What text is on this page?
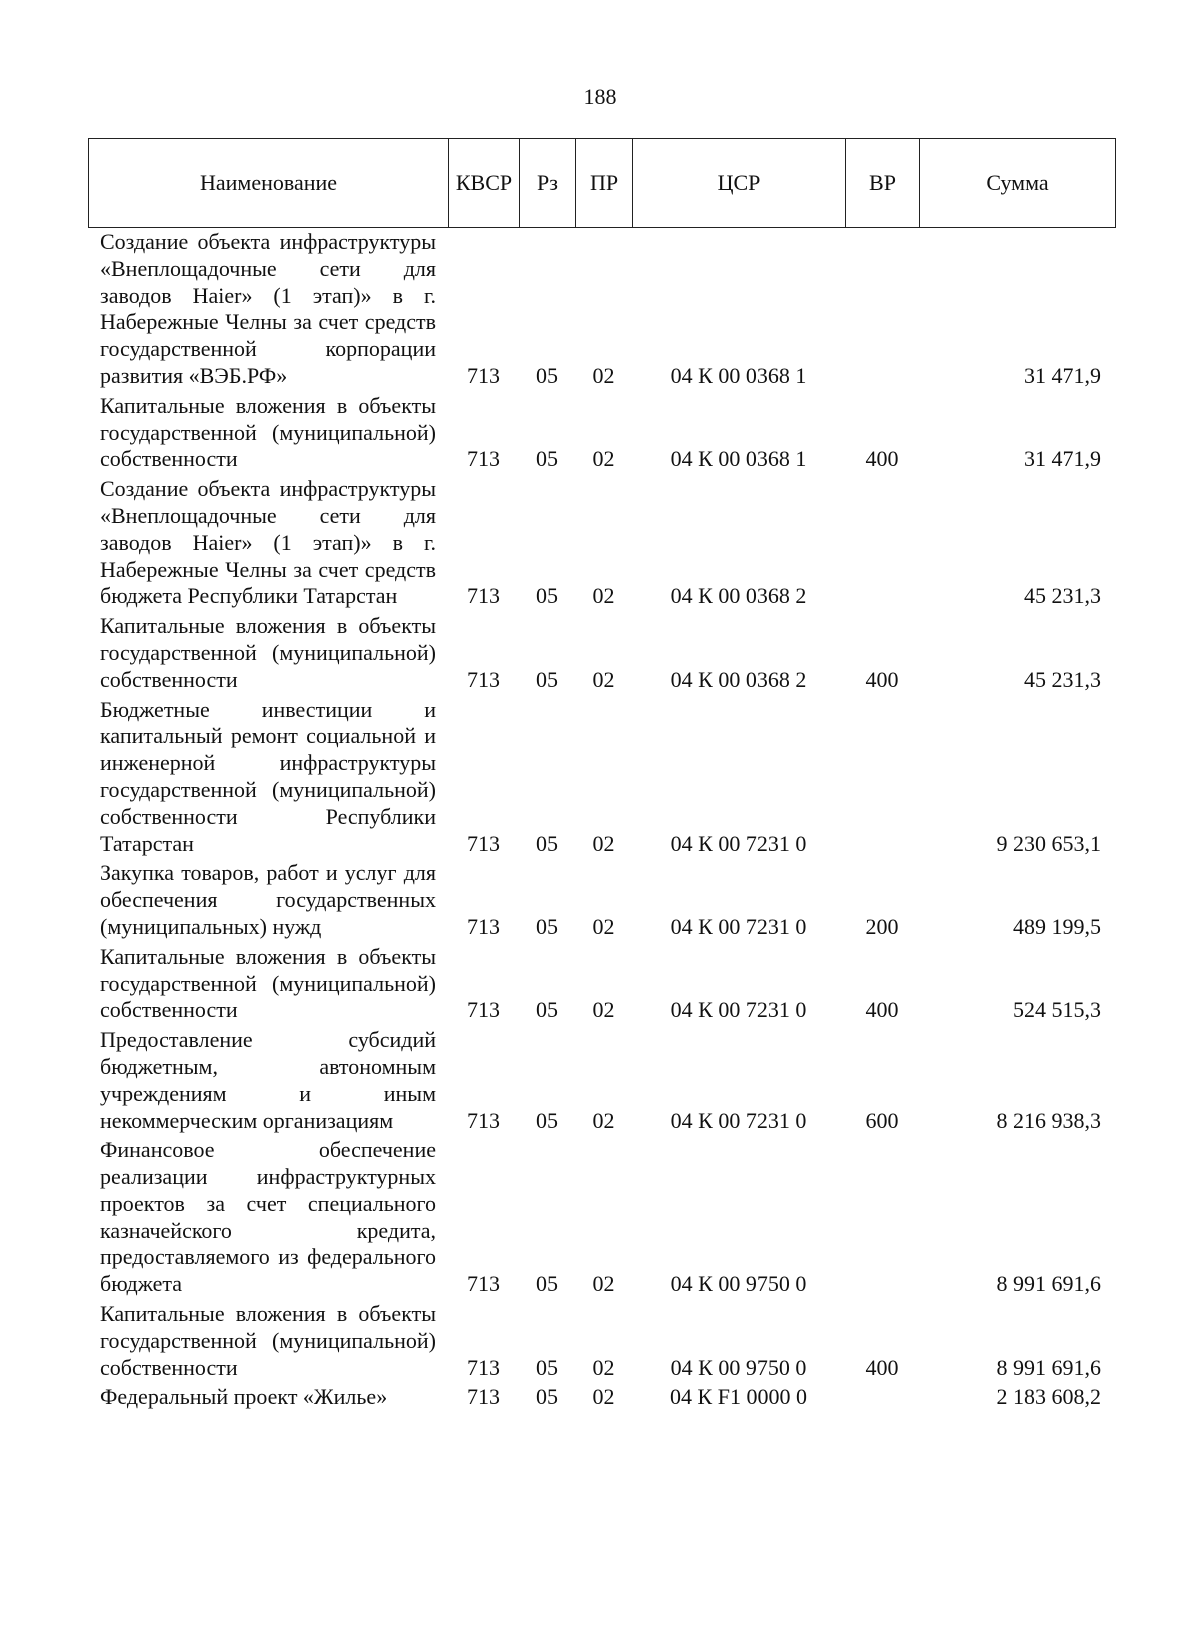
188
Наименование	КВСР	Рз	ПР	ЦСР	ВР	Сумма
Создание объекта инфраструктуры «Внеплощадочные сети для заводов Haier» (1 этап)» в г. Набережные Челны за счет средств государственной корпорации развития «ВЭБ.РФ»	713	05	02	04 К 00 0368 1		31 471,9
Капитальные вложения в объекты государственной (муниципальной) собственности	713	05	02	04 К 00 0368 1	400	31 471,9
Создание объекта инфраструктуры «Внеплощадочные сети для заводов Haier» (1 этап)» в г. Набережные Челны за счет средств бюджета Республики Татарстан	713	05	02	04 К 00 0368 2		45 231,3
Капитальные вложения в объекты государственной (муниципальной) собственности	713	05	02	04 К 00 0368 2	400	45 231,3
Бюджетные инвестиции и капитальный ремонт социальной и инженерной инфраструктуры государственной (муниципальной) собственности Республики Татарстан	713	05	02	04 К 00 7231 0		9 230 653,1
Закупка товаров, работ и услуг для обеспечения государственных (муниципальных) нужд	713	05	02	04 К 00 7231 0	200	489 199,5
Капитальные вложения в объекты государственной (муниципальной) собственности	713	05	02	04 К 00 7231 0	400	524 515,3
Предоставление субсидий бюджетным, автономным учреждениям и иным некоммерческим организациям	713	05	02	04 К 00 7231 0	600	8 216 938,3
Финансовое обеспечение реализации инфраструктурных проектов за счет специального казначейского кредита, предоставляемого из федерального бюджета	713	05	02	04 К 00 9750 0		8 991 691,6
Капитальные вложения в объекты государственной (муниципальной) собственности	713	05	02	04 К 00 9750 0	400	8 991 691,6
Федеральный проект «Жилье»	713	05	02	04 К F1 0000 0		2 183 608,2
